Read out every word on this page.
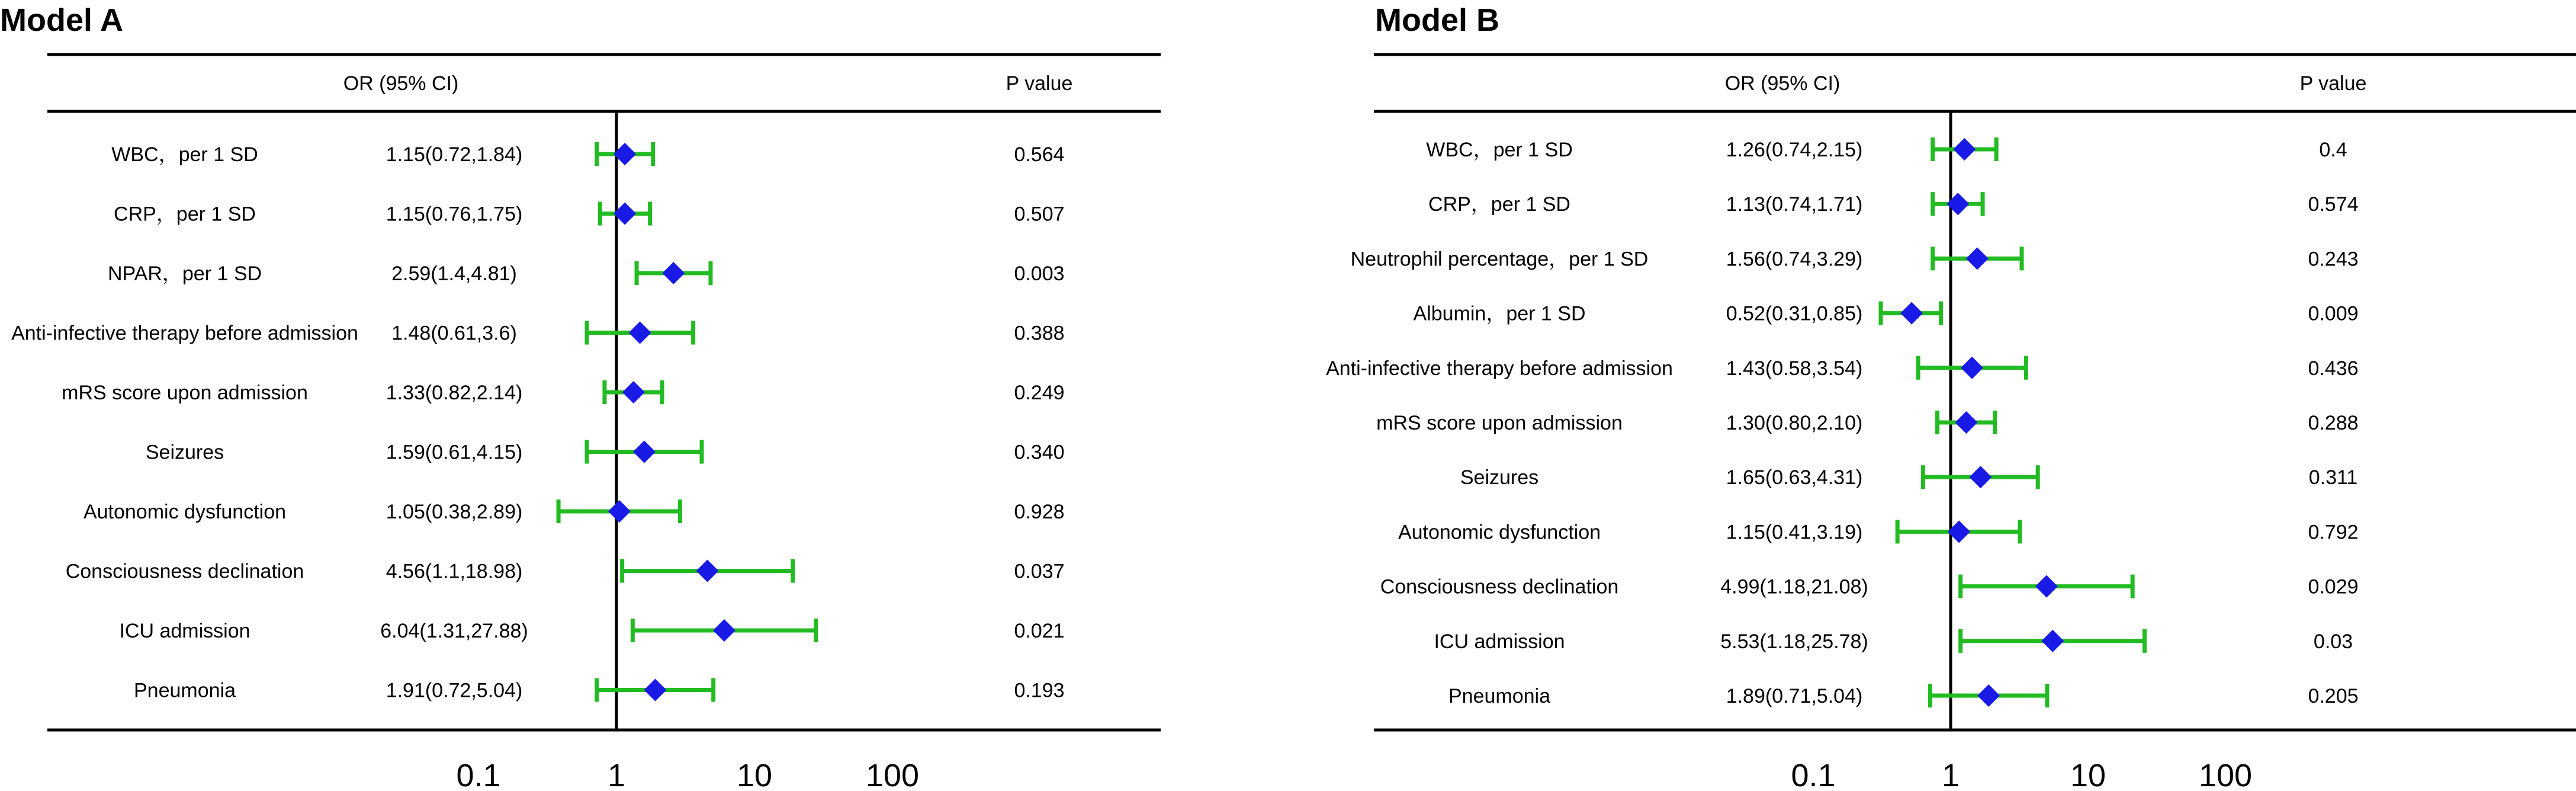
Model A
OR (95% CI)	P value
0.1	1	10	100
WBC，per 1 SD	1.15(0.72,1.84)	0.564
CRP，per 1 SD	1.15(0.76,1.75)	0.507
NPAR，per 1 SD	2.59(1.4,4.81)	0.003
Anti-infective therapy before admission 1.48(0.61,3.6)	0.388
mRS score upon admission	1.33(0.82,2.14)	0.249
Seizures	1.59(0.61,4.15)	0.340
Autonomic dysfunction	1.05(0.38,2.89)	0.928
Consciousness declination	4.56(1.1,18.98)	0.037
ICU admission	6.04(1.31,27.88)	0.021
Pneumonia	1.91(0.72,5.04)	0.193
Model B
OR (95% CI)	P value
0.1	1	10	100
WBC，per 1 SD	1.26(0.74,2.15)	0.4
CRP，per 1 SD	1.13(0.74,1.71)	0.574
Neutrophil percentage，per 1 SD	1.56(0.74,3.29)	0.243
Albumin，per 1 SD	0.52(0.31,0.85)	0.009
Anti-infective therapy before admission	1.43(0.58,3.54)	0.436
mRS score upon admission	1.30(0.80,2.10)	0.288
Seizures	1.65(0.63,4.31)	0.311
Autonomic dysfunction	1.15(0.41,3.19)	0.792
Consciousness declination	4.99(1.18,21.08)	0.029
ICU admission	5.53(1.18,25.78)	0.03
Pneumonia	1.89(0.71,5.04)	0.205
